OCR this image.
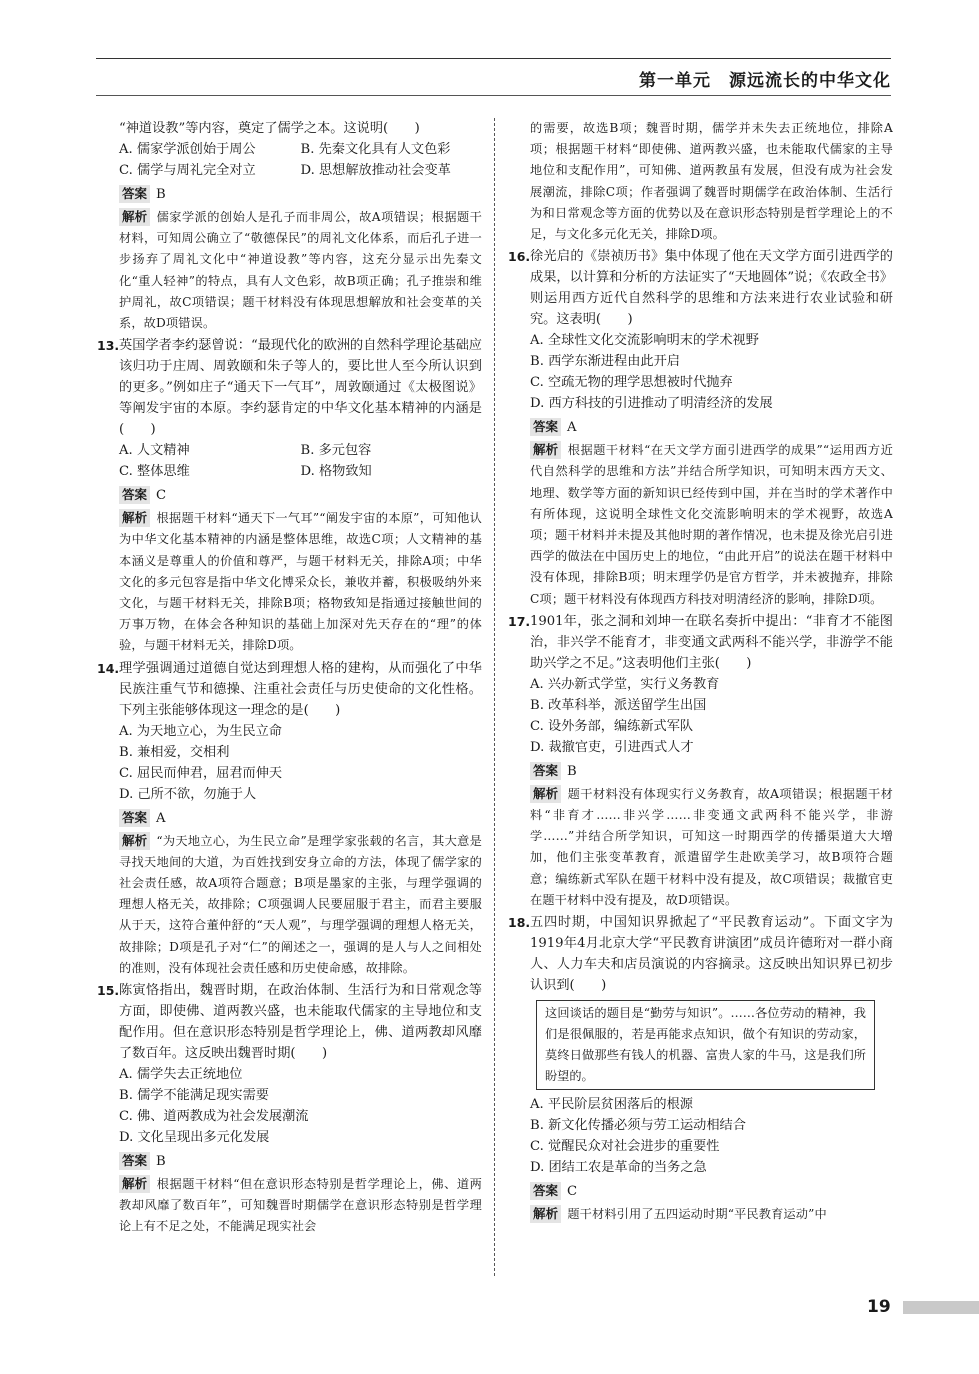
第一单元　源远流长的中华文化

“神道设教”等内容，奠定了儒学之本。这说明(　　)

A. 儒家学派创始于周公	B. 先秦文化具有人文色彩
C. 儒学与周礼完全对立	D. 思想解放推动社会变革
答案 B
解析 儒家学派的创始人是孔子而非周公，故A项错误；根据题干材料，可知周公确立了“敬德保民”的周礼文化体系，而后孔子进一步扬弃了周礼文化中“神道设教”等内容，这充分显示出先秦文化“重人轻神”的特点，具有人文色彩，故B项正确；孔子推崇和维护周礼，故C项错误；题干材料没有体现思想解放和社会变革的关系，故D项错误。
13. 英国学者李约瑟曾说：“最现代化的欧洲的自然科学理论基础应该归功于庄周、周敦颐和朱子等人的，要比世人至今所认识到的更多。”例如庄子“通天下一气耳”，周敦颐通过《太极图说》等阐发宇宙的本原。李约瑟肯定的中华文化基本精神的内涵是(　　)

A. 人文精神	B. 多元包容
C. 整体思维	D. 格物致知
答案 C
解析 根据题干材料“通天下一气耳”“阐发宇宙的本原”，可知他认为中华文化基本精神的内涵是整体思维，故选C项；人文精神的基本涵义是尊重人的价值和尊严，与题干材料无关，排除A项；中华文化的多元包容是指中华文化博采众长，兼收并蓄，积极吸纳外来文化，与题干材料无关，排除B项；格物致知是指通过接触世间的万事万物，在体会各种知识的基础上加深对先天存在的“理”的体验，与题干材料无关，排除D项。
14. 理学强调通过道德自觉达到理想人格的建构，从而强化了中华民族注重气节和德操、注重社会责任与历史使命的文化性格。下列主张能够体现这一理念的是(　　)

A. 为天地立心，为生民立命
B. 兼相爱，交相利
C. 屈民而伸君，屈君而伸天
D. 己所不欲，勿施于人
答案 A
解析 “为天地立心，为生民立命”是理学家张载的名言，其大意是寻找天地间的大道，为百姓找到安身立命的方法，体现了儒学家的社会责任感，故A项符合题意；B项是墨家的主张，与理学强调的理想人格无关，故排除；C项强调人民要屈服于君主，而君主要服从于天，这符合董仲舒的“天人观”，与理学强调的理想人格无关，故排除；D项是孔子对“仁”的阐述之一，强调的是人与人之间相处的准则，没有体现社会责任感和历史使命感，故排除。
15. 陈寅恪指出，魏晋时期，在政治体制、生活行为和日常观念等方面，即使佛、道两教兴盛，也未能取代儒家的主导地位和支配作用。但在意识形态特别是哲学理论上，佛、道两教却风靡了数百年。这反映出魏晋时期(　　)

A. 儒学失去正统地位
B. 儒学不能满足现实需要
C. 佛、道两教成为社会发展潮流
D. 文化呈现出多元化发展
答案 B
解析 根据题干材料“但在意识形态特别是哲学理论上，佛、道两教却风靡了数百年”，可知魏晋时期儒学在意识形态特别是哲学理论上有不足之处，不能满足现实社会
的需要，故选B项；魏晋时期，儒学并未失去正统地位，排除A项；根据题干材料“即使佛、道两教兴盛，也未能取代儒家的主导地位和支配作用”，可知佛、道两教虽有发展，但没有成为社会发展潮流，排除C项；作者强调了魏晋时期儒学在政治体制、生活行为和日常观念等方面的优势以及在意识形态特别是哲学理论上的不足，与文化多元化无关，排除D项。
16. 徐光启的《崇祯历书》集中体现了他在天文学方面引进西学的成果，以计算和分析的方法证实了“天地圆体”说；《农政全书》则运用西方近代自然科学的思维和方法来进行农业试验和研究。这表明(　　)

A. 全球性文化交流影响明末的学术视野
B. 西学东渐进程由此开启
C. 空疏无物的理学思想被时代抛弃
D. 西方科技的引进推动了明清经济的发展
答案 A
解析 根据题干材料“在天文学方面引进西学的成果”“运用西方近代自然科学的思维和方法”并结合所学知识，可知明末西方天文、地理、数学等方面的新知识已经传到中国，并在当时的学术著作中有所体现，这说明全球性文化交流影响明末的学术视野，故选A项；题干材料并未提及其他时期的著作情况，也未提及徐光启引进西学的做法在中国历史上的地位，“由此开启”的说法在题干材料中没有体现，排除B项；明末理学仍是官方哲学，并未被抛弃，排除C项；题干材料没有体现西方科技对明清经济的影响，排除D项。
17. 1901年，张之洞和刘坤一在联名奏折中提出：“非育才不能图治，非兴学不能育才，非变通文武两科不能兴学，非游学不能助兴学之不足。”这表明他们主张(　　)

A. 兴办新式学堂，实行义务教育
B. 改革科举，派送留学生出国
C. 设外务部，编练新式军队
D. 裁撤官吏，引进西式人才
答案 B
解析 题干材料没有体现实行义务教育，故A项错误；根据题干材料“非育才……非兴学……非变通文武两科不能兴学，非游学……”并结合所学知识，可知这一时期西学的传播渠道大大增加，他们主张变革教育，派遣留学生赴欧美学习，故B项符合题意；编练新式军队在题干材料中没有提及，故C项错误；裁撤官吏在题干材料中没有提及，故D项错误。
18. 五四时期，中国知识界掀起了“平民教育运动”。下面文字为1919年4月北京大学“平民教育讲演团”成员许德珩对一群小商人、人力车夫和店员演说的内容摘录。这反映出知识界已初步认识到(　　)

这回谈话的题目是“勤劳与知识”。……各位劳动的精神，我们是很佩服的，若是再能求点知识，做个有知识的劳动家，莫终日做那些有钱人的机器、富贵人家的牛马，这是我们所盼望的。
A. 平民阶层贫困落后的根源
B. 新文化传播必须与劳工运动相结合
C. 觉醒民众对社会进步的重要性
D. 团结工农是革命的当务之急
答案 C
解析 题干材料引用了五四运动时期“平民教育运动”中
19
